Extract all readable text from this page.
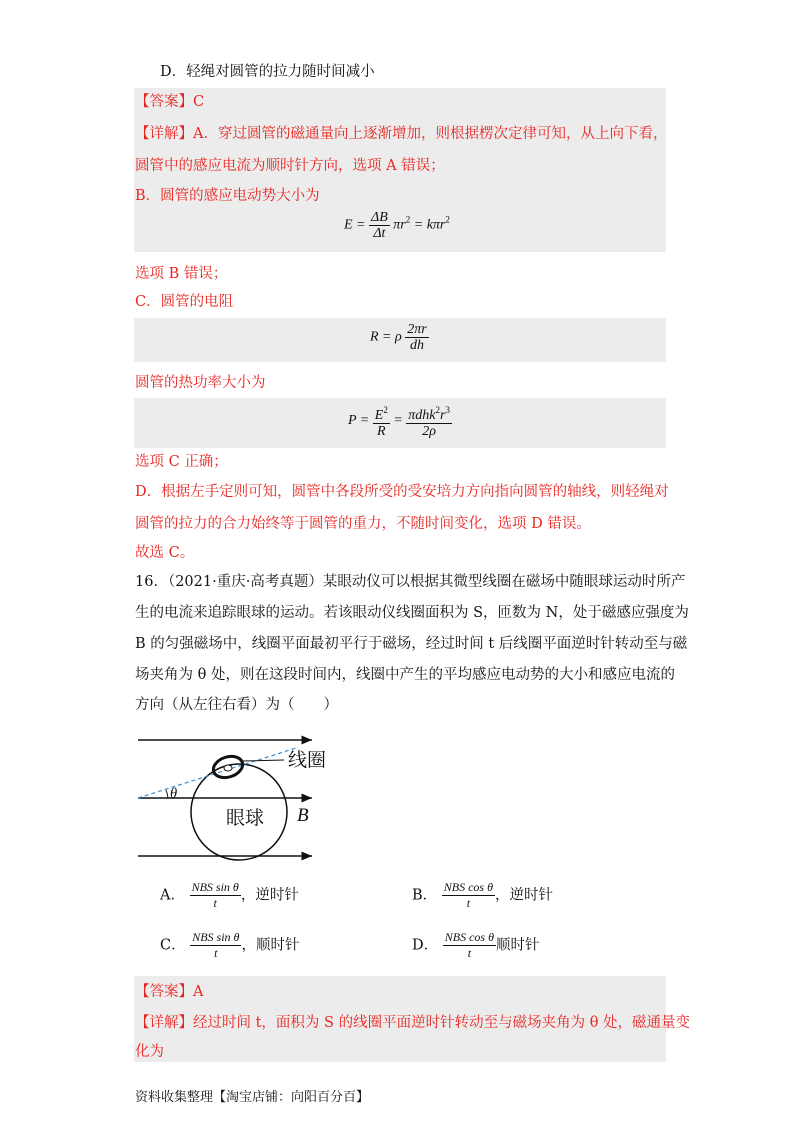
D．轻绳对圆管的拉力随时间减小
【答案】C
【详解】A．穿过圆管的磁通量向上逐渐增加，则根据楞次定律可知，从上向下看，
圆管中的感应电流为顺时针方向，选项 A 错误；
B．圆管的感应电动势大小为
$E = \frac{\Delta B}{\Delta t} \pi r^2 = k\pi r^2$
选项 B 错误；
C．圆管的电阻
R = ρ $\frac{2\pi r}{dh}$
圆管的热功率大小为
$P = \frac{E^2}{R} = \frac{\pi dhk^2r^3}{2\rho}$
选项 C 正确；
D．根据左手定则可知，圆管中各段所受的受安培力方向指向圆管的轴线，则轻绳对
圆管的拉力的合力始终等于圆管的重力，不随时间变化，选项 D 错误。
故选 C。
16．（2021·重庆·高考真题）某眼动仪可以根据其微型线圈在磁场中随眼球运动时所产
生的电流来追踪眼球的运动。若该眼动仪线圈面积为 S，匝数为 N，处于磁感应强度为
B 的匀强磁场中，线圈平面最初平行于磁场，经过时间 t 后线圈平面逆时针转动至与磁
场夹角为 θ 处，则在这段时间内，线圈中产生的平均感应电动势的大小和感应电流的
方向（从左往右看）为（　　）
θ
线圈
眼球 B
A． $\frac{\text{NBS sin θ}}{t}$ ，逆时针	B． $\frac{\text{NBS cos θ}}{t}$ ，逆时针
C． $\frac{\text{NBS sin θ}}{t}$ ，顺时针	D． $\frac{\text{NBS cos θ}}{t}$ 顺时针
【答案】A
【详解】经过时间 t，面积为 S 的线圈平面逆时针转动至与磁场夹角为 θ 处，磁通量变
化为
资料收集整理【淘宝店铺：向阳百分百】
